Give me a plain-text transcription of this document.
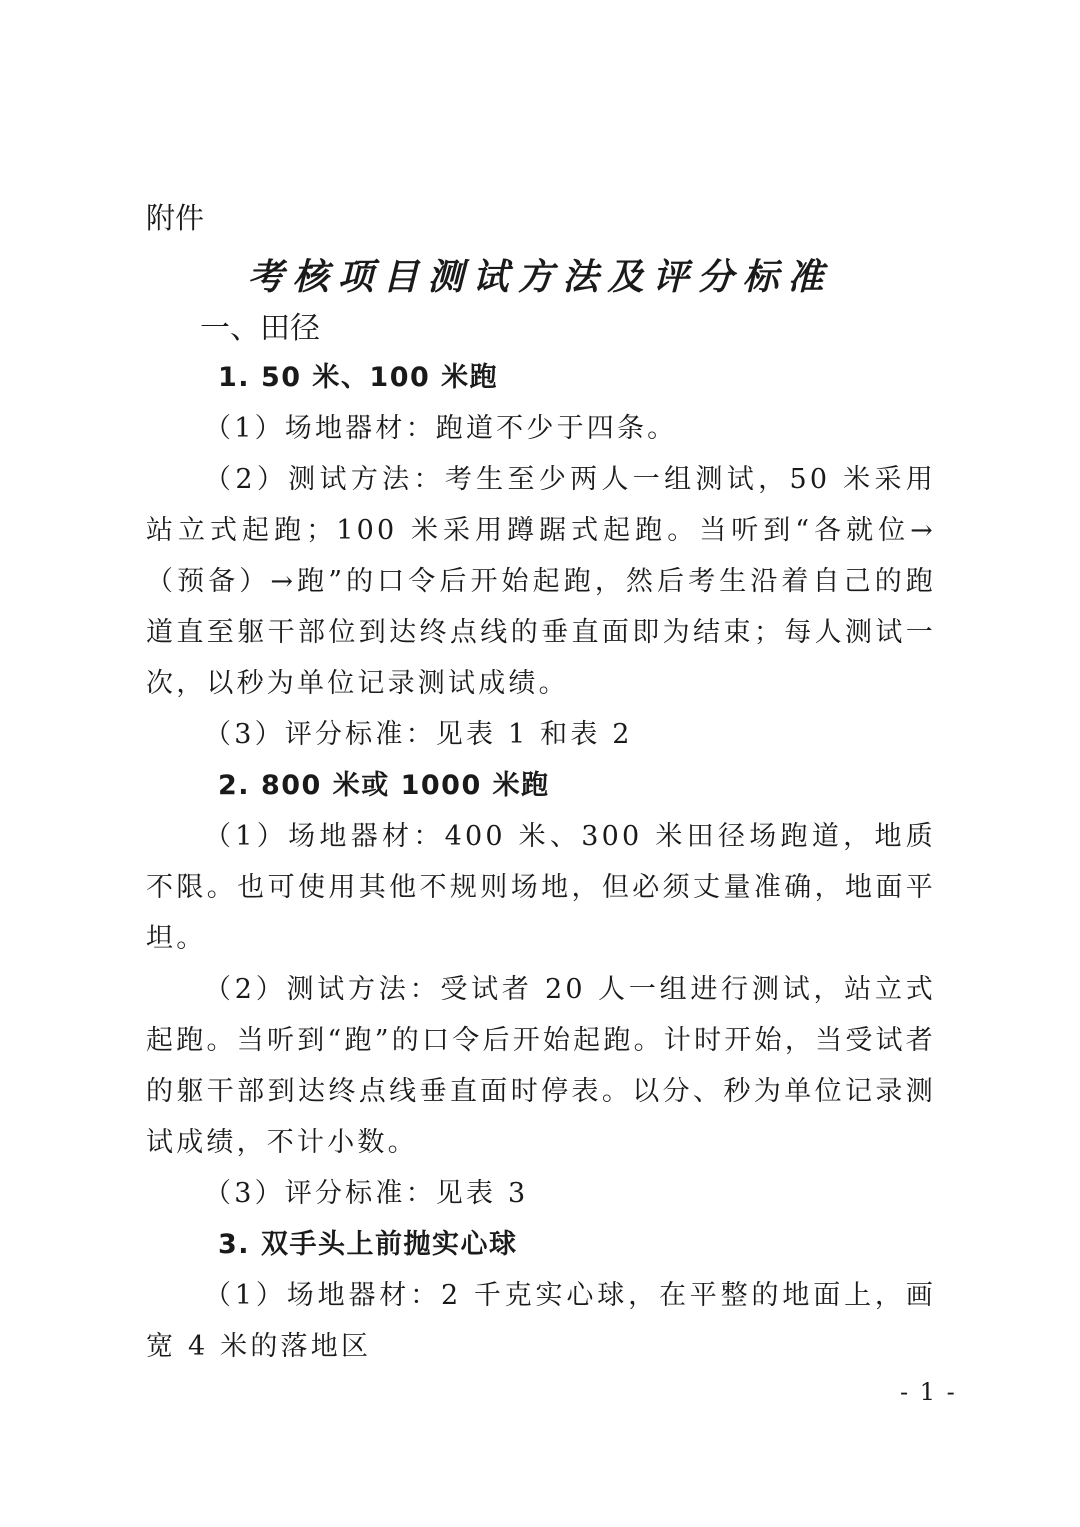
附件
考核项目测试方法及评分标准
一、田径

1. 50 米、100 米跑

（1）场地器材：跑道不少于四条。

（2）测试方法：考生至少两人一组测试，50 米采用站立式起跑；100 米采用蹲踞式起跑。当听到“各就位→（预备）→跑”的口令后开始起跑，然后考生沿着自己的跑道直至躯干部位到达终点线的垂直面即为结束；每人测试一次，以秒为单位记录测试成绩。

（3）评分标准：见表 1 和表 2

2. 800 米或 1000 米跑

（1）场地器材：400 米、300 米田径场跑道，地质不限。也可使用其他不规则场地，但必须丈量准确，地面平坦。

（2）测试方法：受试者 20 人一组进行测试，站立式起跑。当听到“跑”的口令后开始起跑。计时开始，当受试者的躯干部到达终点线垂直面时停表。以分、秒为单位记录测试成绩，不计小数。

（3）评分标准：见表 3

3. 双手头上前抛实心球

（1）场地器材：2 千克实心球，在平整的地面上，画宽 4 米的落地区

- 1 -
